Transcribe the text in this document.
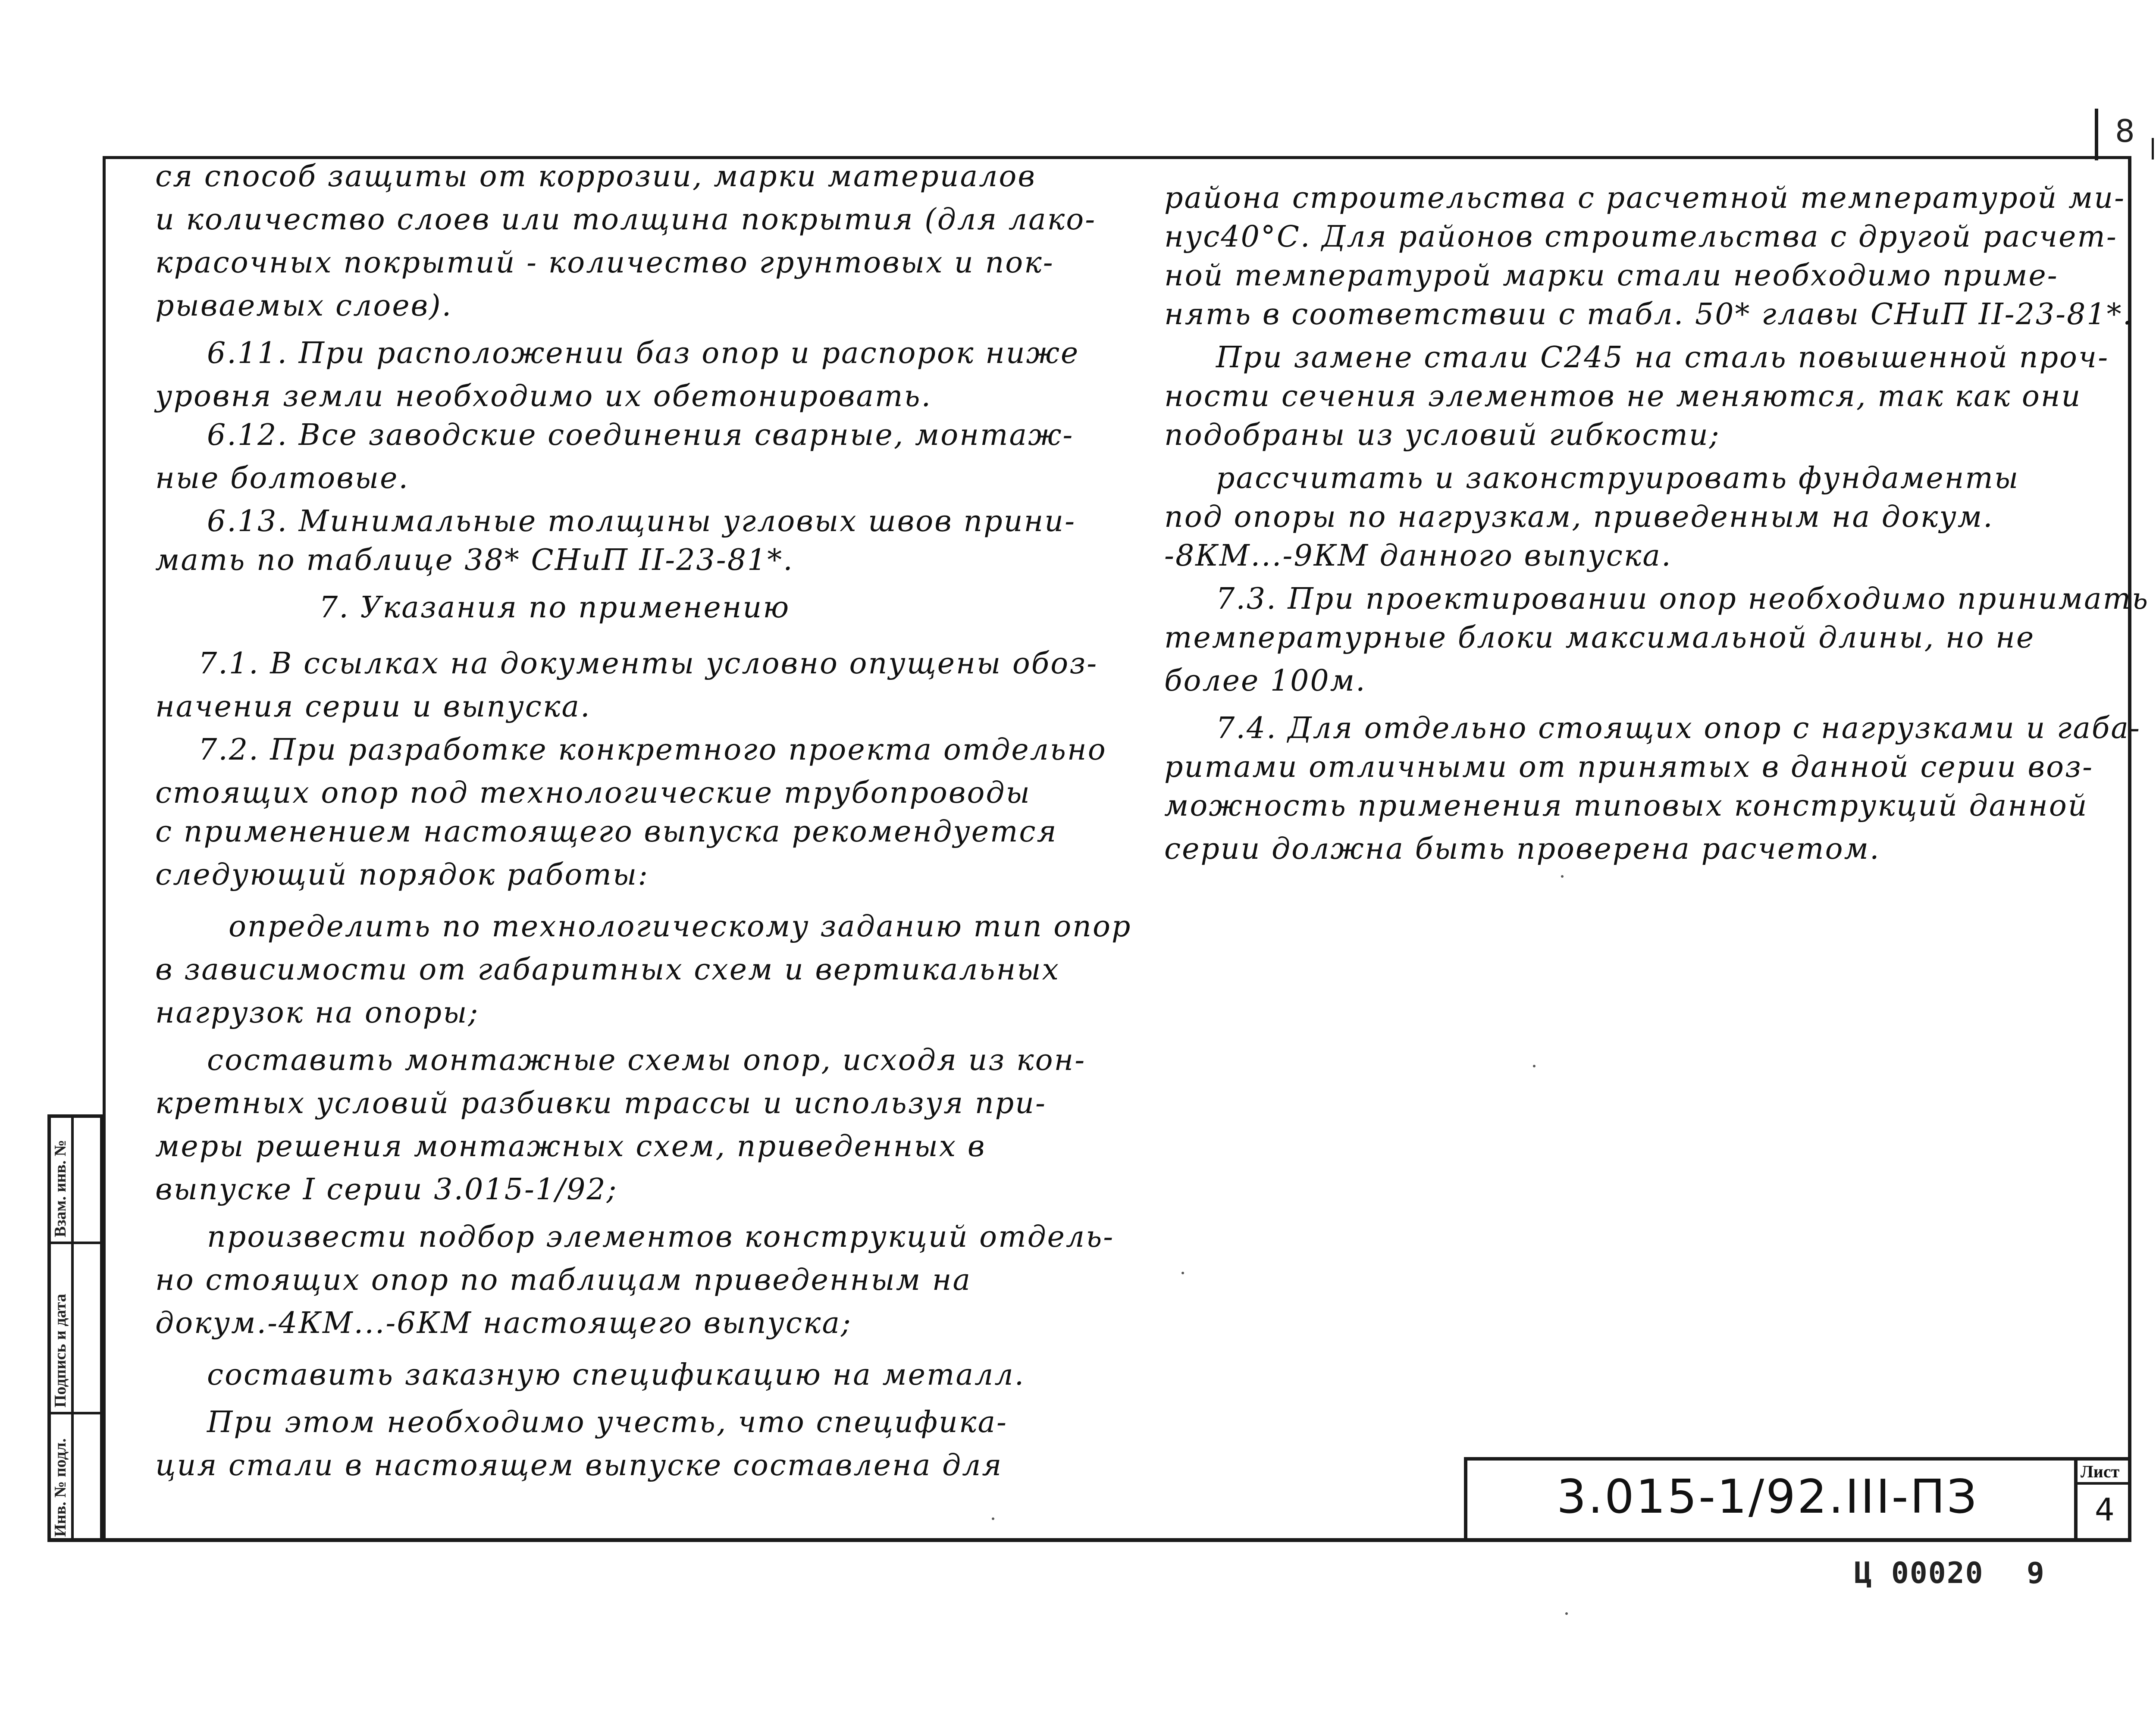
8
ся способ защиты от коррозии, марки материалов
и количество слоев или толщина покрытия (для лако-
красочных покрытий - количество грунтовых и пок-
рываемых слоев).
6.11. При расположении баз опор и распорок ниже
уровня земли необходимо их обетонировать.
6.12. Все заводские соединения сварные, монтаж-
ные болтовые.
6.13. Минимальные толщины угловых швов прини-
мать по таблице 38* СНиП II-23-81*.
7. Указания по применению
7.1. В ссылках на документы условно опущены обоз-
начения серии и выпуска.
7.2. При разработке конкретного проекта отдельно
стоящих опор под технологические трубопроводы
с применением настоящего выпуска рекомендуется
следующий порядок работы:
определить по технологическому заданию тип опор
в зависимости от габаритных схем и вертикальных
нагрузок на опоры;
составить монтажные схемы опор, исходя из кон-
кретных условий разбивки трассы и используя при-
меры решения монтажных схем, приведенных в
выпуске I серии 3.015-1/92;
произвести подбор элементов конструкций отдель-
но стоящих опор по таблицам приведенным на
докум.-4КМ...-6КМ настоящего выпуска;
составить заказную спецификацию на металл.
При этом необходимо учесть, что специфика-
ция стали в настоящем выпуске составлена для
района строительства с расчетной температурой ми-
нус40°С. Для районов строительства с другой расчет-
ной температурой марки стали необходимо приме-
нять в соответствии с табл. 50* главы СНиП II-23-81*.
При замене стали С245 на сталь повышенной проч-
ности сечения элементов не меняются, так как они
подобраны из условий гибкости;
рассчитать и законструировать фундаменты
под опоры по нагрузкам, приведенным на докум.
-8КМ...-9КМ данного выпуска.
7.3. При проектировании опор необходимо принимать
температурные блоки максимальной длины, но не
более 100м.
7.4. Для отдельно стоящих опор с нагрузками и габа-
ритами отличными от принятых в данной серии воз-
можность применения типовых конструкций данной
серии должна быть проверена расчетом.
Инв. № подл.
Подпись и дата
Взам. инв. №
3.015-1/92.III-ПЗ	Лист
4
Ц 00020 9
